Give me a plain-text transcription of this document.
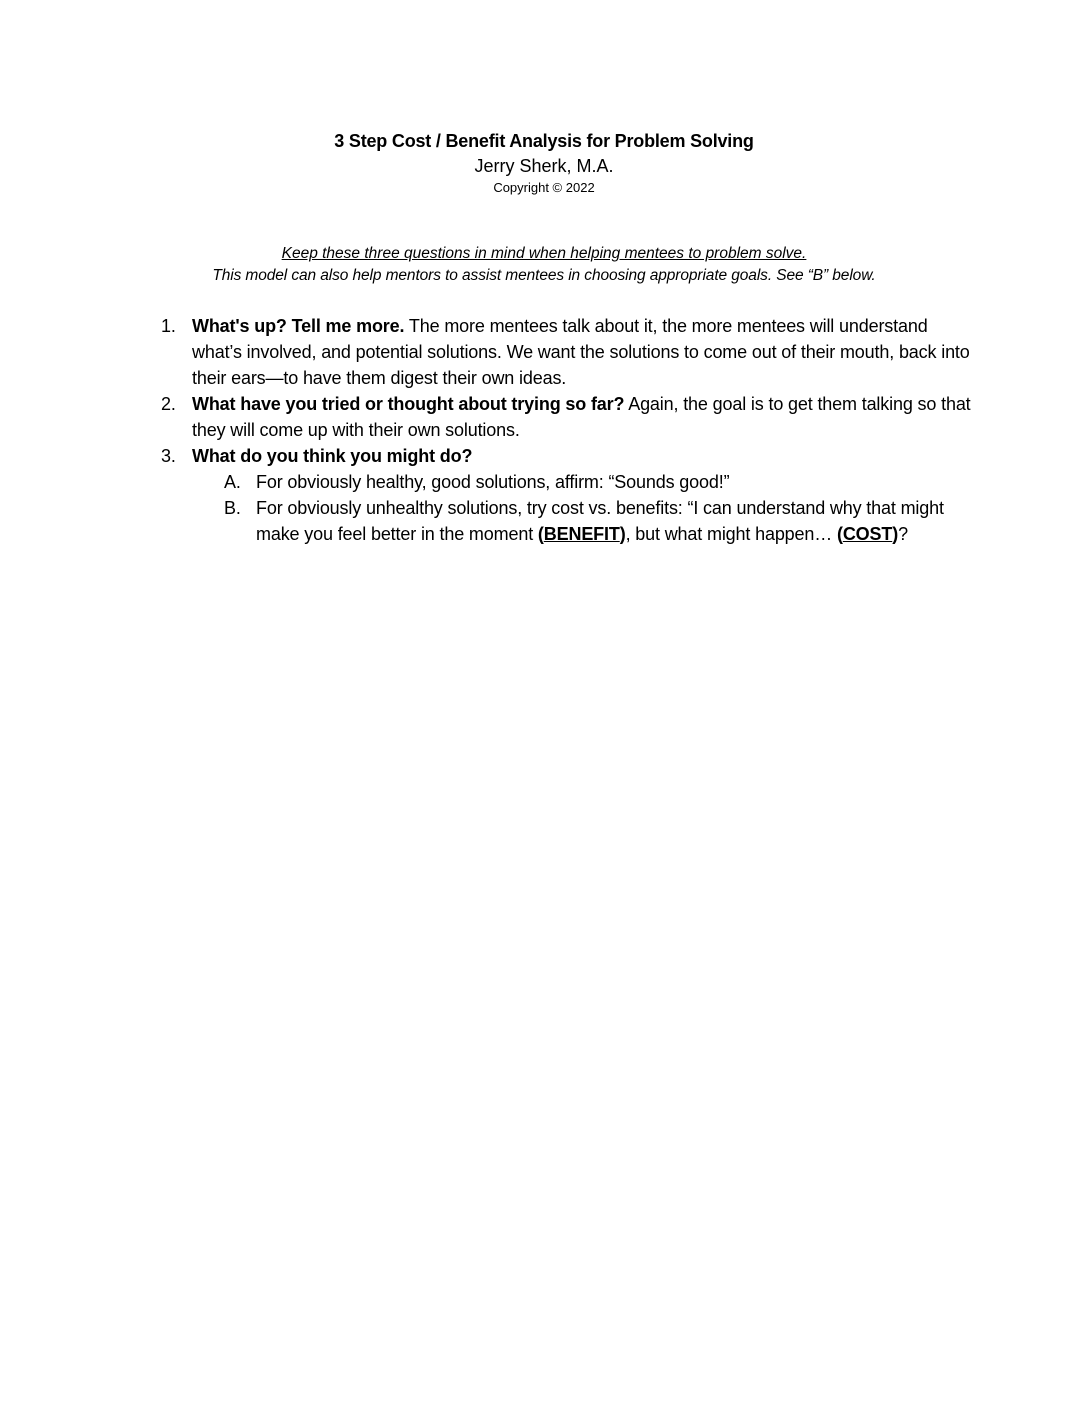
3 Step Cost / Benefit Analysis for Problem Solving
Jerry Sherk, M.A.
Copyright © 2022
Keep these three questions in mind when helping mentees to problem solve.
This model can also help mentors to assist mentees in choosing appropriate goals. See “B” below.
1. What's up? Tell me more. The more mentees talk about it, the more mentees will understand what’s involved, and potential solutions. We want the solutions to come out of their mouth, back into their ears—to have them digest their own ideas.
2. What have you tried or thought about trying so far? Again, the goal is to get them talking so that they will come up with their own solutions.
3. What do you think you might do?
A. For obviously healthy, good solutions, affirm: “Sounds good!”
B. For obviously unhealthy solutions, try cost vs. benefits: “I can understand why that might make you feel better in the moment (BENEFIT), but what might happen… (COST)?
